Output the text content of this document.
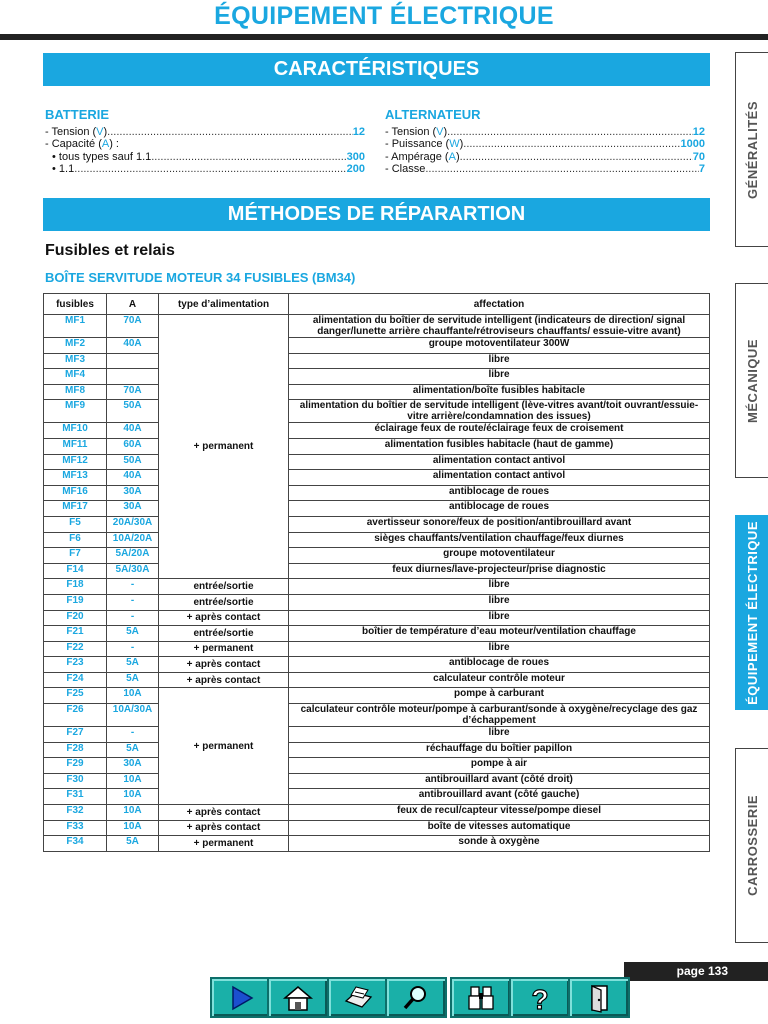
ÉQUIPEMENT ÉLECTRIQUE
CARACTÉRISTIQUES
BATTERIE
- Tension (V) .....	12
- Capacité (A) :
• tous types sauf 1.1 .....	300
• 1.1 .....	200
ALTERNATEUR
- Tension (V) .....	12
- Puissance (W) .....	1000
- Ampérage (A) .....	70
- Classe .....	7
MÉTHODES DE RÉPARARTION
Fusibles et relais
BOÎTE SERVITUDE MOTEUR 34 FUSIBLES (BM34)
fusibles	A	type d’alimentation	affectation
MF1	70A	+ permanent	alimentation du boîtier de servitude intelligent (indicateurs de direction/ signal danger/lunette arrière chauffante/rétroviseurs chauffants/ essuie-vitre avant)
MF2	40A		groupe motoventilateur 300W
MF3			libre
MF4			libre
MF8	70A		alimentation/boîte fusibles habitacle
MF9	50A		alimentation du boîtier de servitude intelligent (lève-vitres avant/toit ouvrant/essuie-vitre arrière/condamnation des issues)
MF10	40A		éclairage feux de route/éclairage feux de croisement
MF11	60A		alimentation fusibles habitacle (haut de gamme)
MF12	50A		alimentation contact antivol
MF13	40A		alimentation contact antivol
MF16	30A		antiblocage de roues
MF17	30A		antiblocage de roues
F5	20A/30A		avertisseur sonore/feux de position/antibrouillard avant
F6	10A/20A		sièges chauffants/ventilation chauffage/feux diurnes
F7	5A/20A		groupe motoventilateur
F14	5A/30A		feux diurnes/lave-projecteur/prise diagnostic
F18	-	entrée/sortie	libre
F19	-	entrée/sortie	libre
F20	-	+ après contact	libre
F21	5A	entrée/sortie	boîtier de température d’eau moteur/ventilation chauffage
F22	-	+ permanent	libre
F23	5A	+ après contact	antiblocage de roues
F24	5A	+ après contact	calculateur contrôle moteur
F25	10A	+ permanent	pompe à carburant
F26	10A/30A		calculateur contrôle moteur/pompe à carburant/sonde à oxygène/recyclage des gaz d’échappement
F27	-		libre
F28	5A		réchauffage du boîtier papillon
F29	30A		pompe à air
F30	10A		antibrouillard avant (côté droit)
F31	10A		antibrouillard avant (côté gauche)
F32	10A	+ après contact	feux de recul/capteur vitesse/pompe diesel
F33	10A	+ après contact	boîte de vitesses automatique
F34	5A	+ permanent	sonde à oxygène
GÉNÉRALITÉS
MÉCANIQUE
ÉQUIPEMENT ÉLECTRIQUE
CARROSSERIE
page 133
?
